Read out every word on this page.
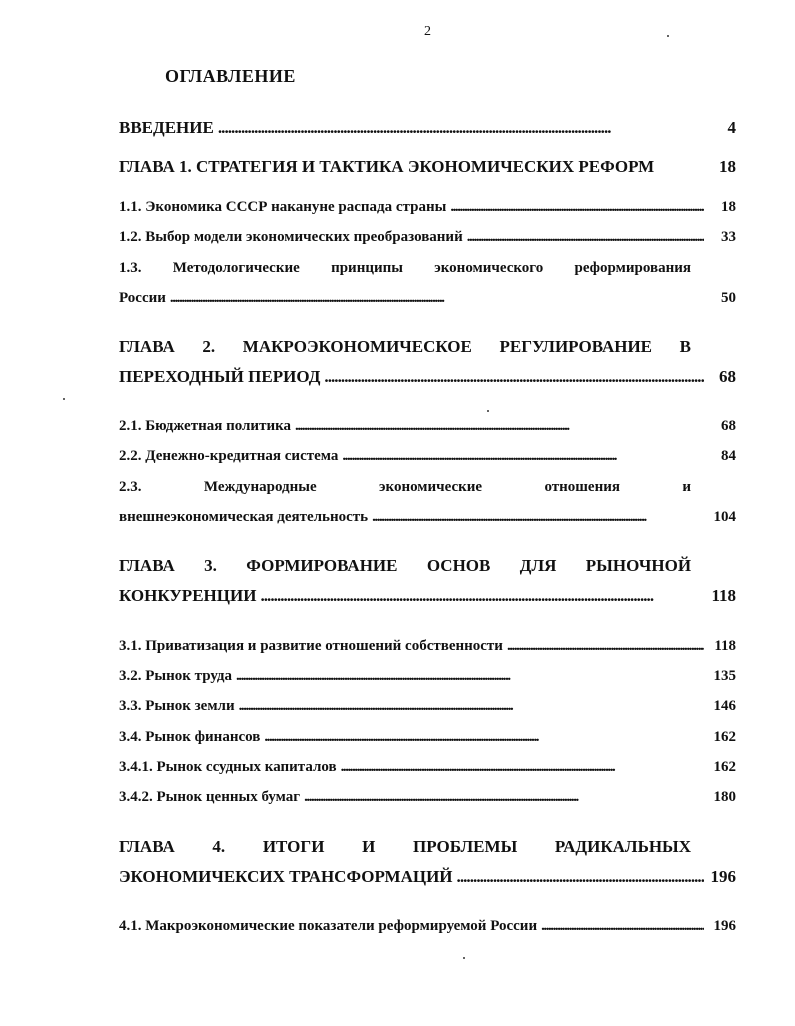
2
ОГЛАВЛЕНИЕ
ВВЕДЕНИЕ . . .	4
ГЛАВА 1. СТРАТЕГИЯ И ТАКТИКА ЭКОНОМИЧЕСКИХ РЕФОРМ	18
1.1. Экономика СССР накануне распада страны . . .	18
1.2. Выбор модели экономических преобразований . . .	33
1.3. Методологические принципы экономического реформирования
России . . .	50
ГЛАВА 2. МАКРОЭКОНОМИЧЕСКОЕ РЕГУЛИРОВАНИЕ В
ПЕРЕХОДНЫЙ ПЕРИОД . . .	68
2.1. Бюджетная политика . . .	68
2.2. Денежно-кредитная система . . .	84
2.3.	Международные	экономические	отношения	и
внешнеэкономическая деятельность . . .	104
ГЛАВА 3. ФОРМИРОВАНИЕ ОСНОВ ДЛЯ РЫНОЧНОЙ
КОНКУРЕНЦИИ . . .	118
3.1. Приватизация и развитие отношений собственности . . .	118
3.2. Рынок труда . . .	135
3.3. Рынок земли . . .	146
3.4. Рынок финансов . . .	162
3.4.1. Рынок ссудных капиталов . . .	162
3.4.2. Рынок ценных бумаг . . .	180
ГЛАВА 4. ИТОГИ И ПРОБЛЕМЫ РАДИКАЛЬНЫХ
ЭКОНОМИЧЕКСИХ ТРАНСФОРМАЦИЙ . . .	196
4.1. Макроэкономические показатели реформируемой России . . .	196
